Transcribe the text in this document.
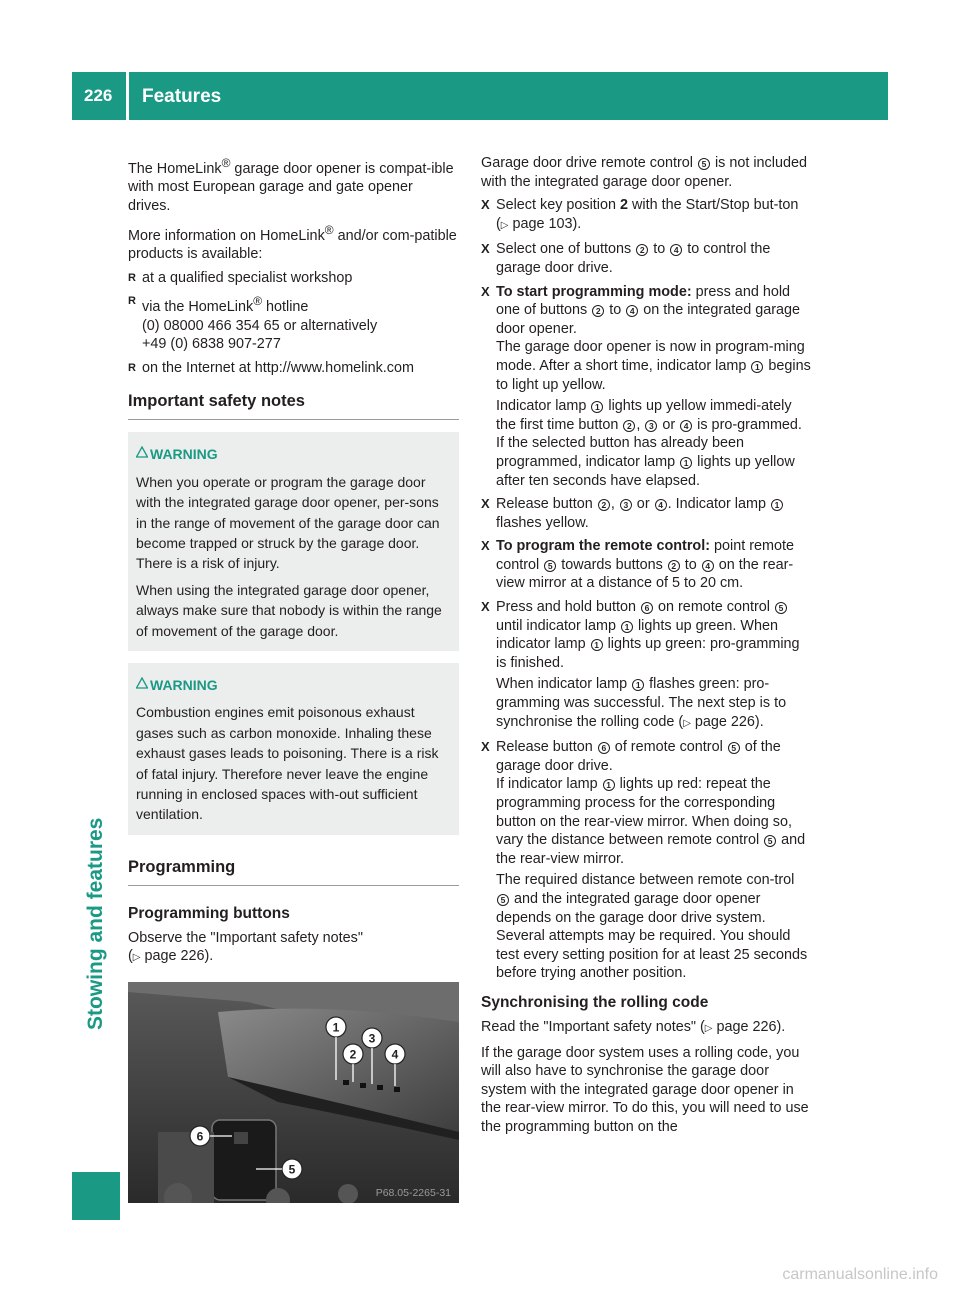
226 Features
Stowing and features

The HomeLink® garage door opener is compat-ible with most European garage and gate opener drives.

More information on HomeLink® and/or com-patible products is available:

R at a qualified specialist workshop
R via the HomeLink® hotline
(0) 08000 466 354 65 or alternatively
+49 (0) 6838 907-277
R on the Internet at http://www.homelink.com
Important safety notes
WARNING

When you operate or program the garage door with the integrated garage door opener, per-sons in the range of movement of the garage door can become trapped or struck by the garage door. There is a risk of injury.

When using the integrated garage door opener, always make sure that nobody is within the range of movement of the garage door.

WARNING

Combustion engines emit poisonous exhaust gases such as carbon monoxide. Inhaling these exhaust gases leads to poisoning. There is a risk of fatal injury. Therefore never leave the engine running in enclosed spaces with-out sufficient ventilation.

Programming
Programming buttons

Observe the "Important safety notes"
(▷ page 226).

1
2
3
4
5
6
P68.05-2265-31

Garage door drive remote control 5 is not included with the integrated garage door opener.

X Select key position 2 with the Start/Stop but-ton (▷ page 103).

X Select one of buttons 2 to 4 to control the garage door drive.

X To start programming mode: press and hold one of buttons 2 to 4 on the integrated garage door opener.
The garage door opener is now in program-ming mode. After a short time, indicator lamp 1 begins to light up yellow.

Indicator lamp 1 lights up yellow immedi-ately the first time button 2 , 3 or 4 is pro-grammed. If the selected button has already been programmed, indicator lamp 1 lights up yellow after ten seconds have elapsed.

X Release button 2 , 3 or 4 . Indicator lamp 1 flashes yellow.

X To program the remote control: point remote control 5 towards buttons 2 to 4 on the rear-view mirror at a distance of 5 to 20 cm.

X Press and hold button 6 on remote control 5 until indicator lamp 1 lights up green. When indicator lamp 1 lights up green: pro-gramming is finished.

When indicator lamp 1 flashes green: pro-gramming was successful. The next step is to synchronise the rolling code (▷ page 226).

X Release button 6 of remote control 5 of the garage door drive.
If indicator lamp 1 lights up red: repeat the programming process for the corresponding button on the rear-view mirror. When doing so, vary the distance between remote control 5 and the rear-view mirror.

The required distance between remote con-trol 5 and the integrated garage door opener depends on the garage door drive system. Several attempts may be required. You should test every setting position for at least 25 seconds before trying another position.

Synchronising the rolling code

Read the "Important safety notes" (▷ page 226).

If the garage door system uses a rolling code, you will also have to synchronise the garage door system with the integrated garage door opener in the rear-view mirror. To do this, you will need to use the programming button on the

carmanualsonline.info
